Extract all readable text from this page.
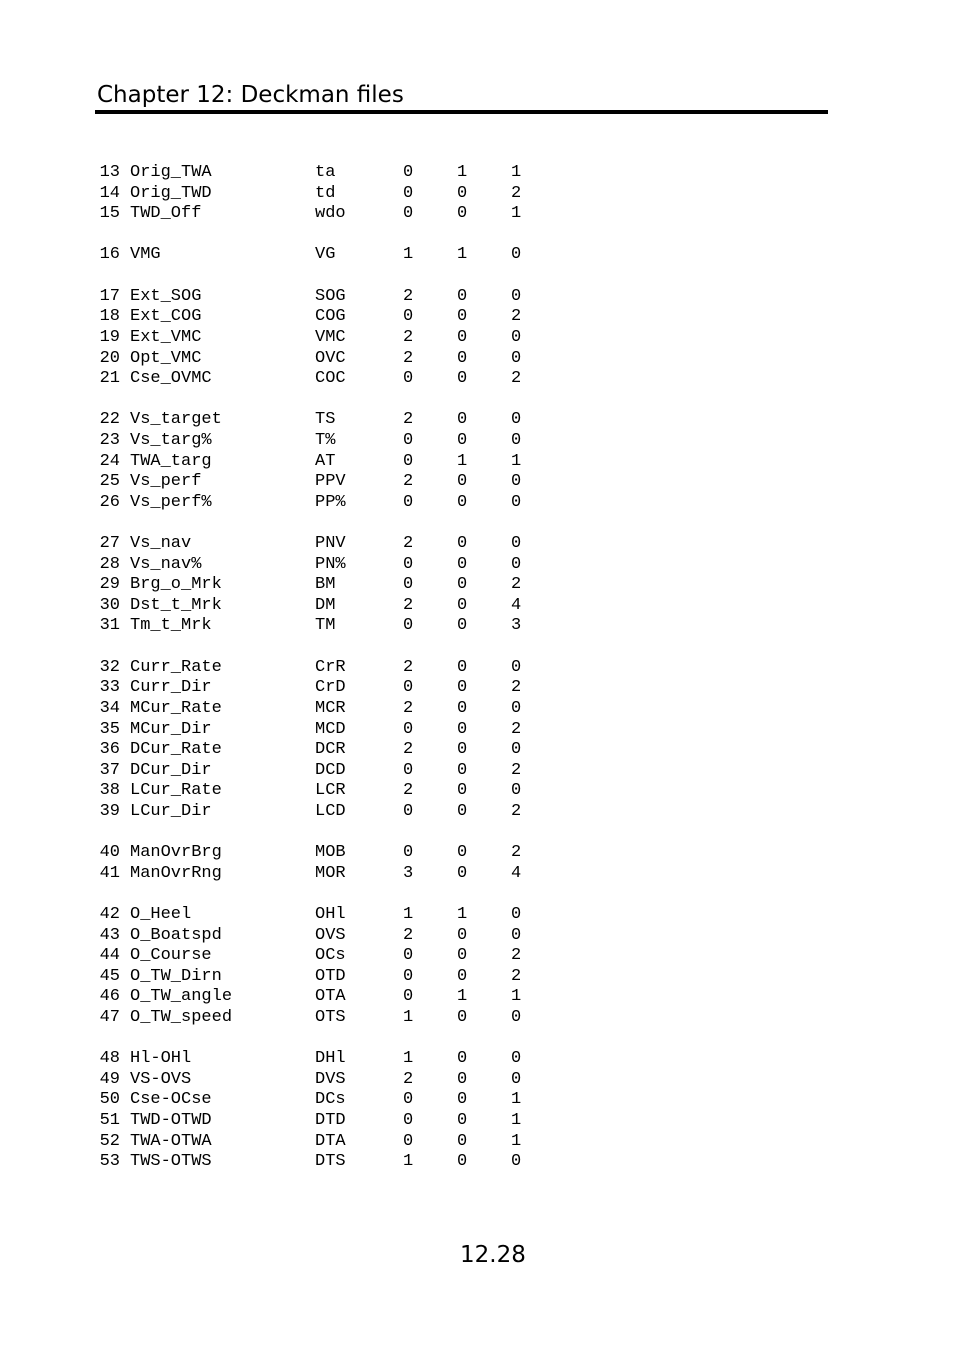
Chapter 12: Deckman files
13 Orig_TWA	ta	0	1	1
14 Orig_TWD	td	0	0	2
15 TWD_Off	wdo	0	0	1
16 VMG	VG	1	1	0
17 Ext_SOG	SOG	2	0	0
18 Ext_COG	COG	0	0	2
19 Ext_VMC	VMC	2	0	0
20 Opt_VMC	OVC	2	0	0
21 Cse_OVMC	COC	0	0	2
22 Vs_target	TS	2	0	0
23 Vs_targ%	T%	0	0	0
24 TWA_targ	AT	0	1	1
25 Vs_perf	PPV	2	0	0
26 Vs_perf%	PP%	0	0	0
27 Vs_nav	PNV	2	0	0
28 Vs_nav%	PN%	0	0	0
29 Brg_o_Mrk	BM	0	0	2
30 Dst_t_Mrk	DM	2	0	4
31 Tm_t_Mrk	TM	0	0	3
32 Curr_Rate	CrR	2	0	0
33 Curr_Dir	CrD	0	0	2
34 MCur_Rate	MCR	2	0	0
35 MCur_Dir	MCD	0	0	2
36 DCur_Rate	DCR	2	0	0
37 DCur_Dir	DCD	0	0	2
38 LCur_Rate	LCR	2	0	0
39 LCur_Dir	LCD	0	0	2
40 ManOvrBrg	MOB	0	0	2
41 ManOvrRng	MOR	3	0	4
42 O_Heel	OHl	1	1	0
43 O_Boatspd	OVS	2	0	0
44 O_Course	OCs	0	0	2
45 O_TW_Dirn	OTD	0	0	2
46 O_TW_angle	OTA	0	1	1
47 O_TW_speed	OTS	1	0	0
48 Hl-OHl	DHl	1	0	0
49 VS-OVS	DVS	2	0	0
50 Cse-OCse	DCs	0	0	1
51 TWD-OTWD	DTD	0	0	1
52 TWA-OTWA	DTA	0	0	1
53 TWS-OTWS	DTS	1	0	0
12.28
